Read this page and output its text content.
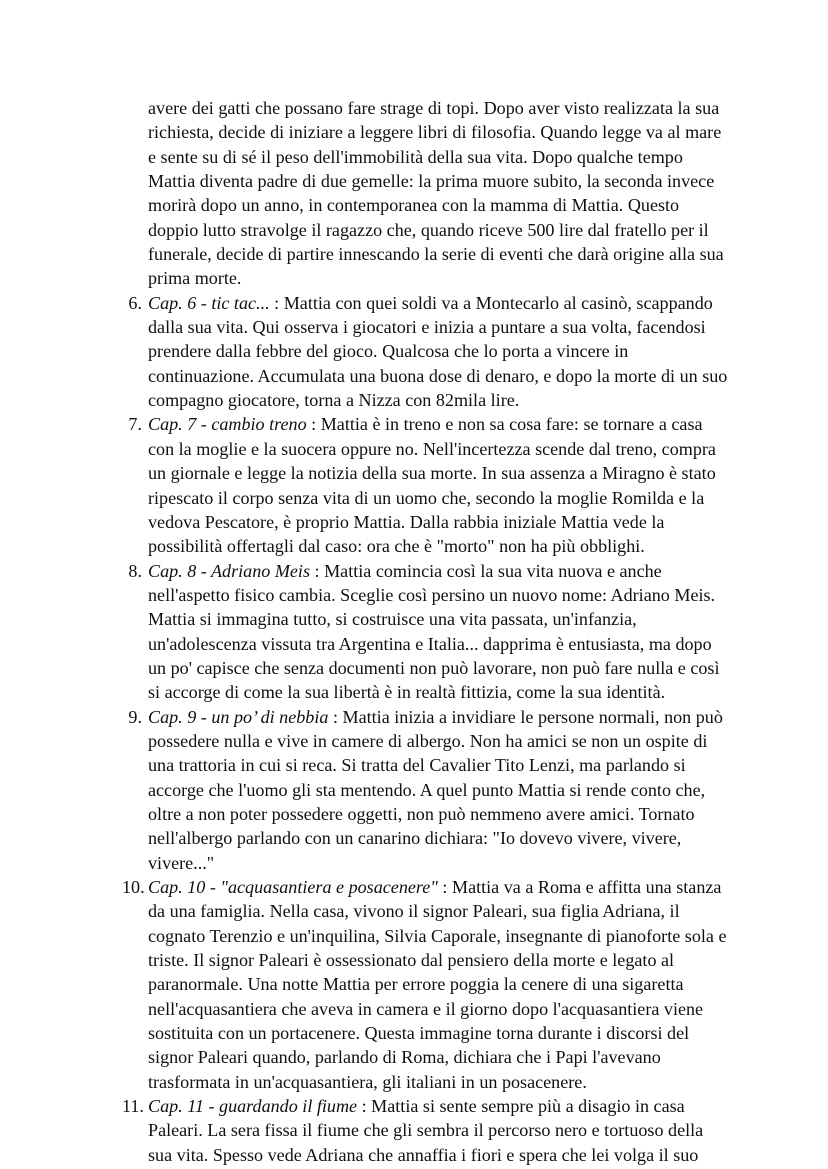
avere dei gatti che possano fare strage di topi. Dopo aver visto realizzata la sua richiesta, decide di iniziare a leggere libri di filosofia. Quando legge va al mare e sente su di sé il peso dell'immobilità della sua vita. Dopo qualche tempo Mattia diventa padre di due gemelle: la prima muore subito, la seconda invece morirà dopo un anno, in contemporanea con la mamma di Mattia. Questo doppio lutto stravolge il ragazzo che, quando riceve 500 lire dal fratello per il funerale, decide di partire innescando la serie di eventi che darà origine alla sua prima morte.

6. Cap. 6 - tic tac... : Mattia con quei soldi va a Montecarlo al casinò, scappando dalla sua vita. Qui osserva i giocatori e inizia a puntare a sua volta, facendosi prendere dalla febbre del gioco. Qualcosa che lo porta a vincere in continuazione. Accumulata una buona dose di denaro, e dopo la morte di un suo compagno giocatore, torna a Nizza con 82mila lire.
7. Cap. 7 - cambio treno : Mattia è in treno e non sa cosa fare: se tornare a casa con la moglie e la suocera oppure no. Nell'incertezza scende dal treno, compra un giornale e legge la notizia della sua morte. In sua assenza a Miragno è stato ripescato il corpo senza vita di un uomo che, secondo la moglie Romilda e la vedova Pescatore, è proprio Mattia. Dalla rabbia iniziale Mattia vede la possibilità offertagli dal caso: ora che è "morto" non ha più obblighi.
8. Cap. 8 - Adriano Meis : Mattia comincia così la sua vita nuova e anche nell'aspetto fisico cambia. Sceglie così persino un nuovo nome: Adriano Meis. Mattia si immagina tutto, si costruisce una vita passata, un'infanzia, un'adolescenza vissuta tra Argentina e Italia... dapprima è entusiasta, ma dopo un po' capisce che senza documenti non può lavorare, non può fare nulla e così si accorge di come la sua libertà è in realtà fittizia, come la sua identità.
9. Cap. 9 - un po’ di nebbia : Mattia inizia a invidiare le persone normali, non può possedere nulla e vive in camere di albergo. Non ha amici se non un ospite di una trattoria in cui si reca. Si tratta del Cavalier Tito Lenzi, ma parlando si accorge che l'uomo gli sta mentendo. A quel punto Mattia si rende conto che, oltre a non poter possedere oggetti, non può nemmeno avere amici. Tornato nell'albergo parlando con un canarino dichiara: "Io dovevo vivere, vivere, vivere..."
10. Cap. 10 - "acquasantiera e posacenere" : Mattia va a Roma e affitta una stanza da una famiglia. Nella casa, vivono il signor Paleari, sua figlia Adriana, il cognato Terenzio e un'inquilina, Silvia Caporale, insegnante di pianoforte sola e triste. Il signor Paleari è ossessionato dal pensiero della morte e legato al paranormale. Una notte Mattia per errore poggia la cenere di una sigaretta nell'acquasantiera che aveva in camera e il giorno dopo l'acquasantiera viene sostituita con un portacenere. Questa immagine torna durante i discorsi del signor Paleari quando, parlando di Roma, dichiara che i Papi l'avevano trasformata in un'acquasantiera, gli italiani in un posacenere.
11. Cap. 11 - guardando il fiume : Mattia si sente sempre più a disagio in casa Paleari. La sera fissa il fiume che gli sembra il percorso nero e tortuoso della sua vita. Spesso vede Adriana che annaffia i fiori e spera che lei volga il suo
